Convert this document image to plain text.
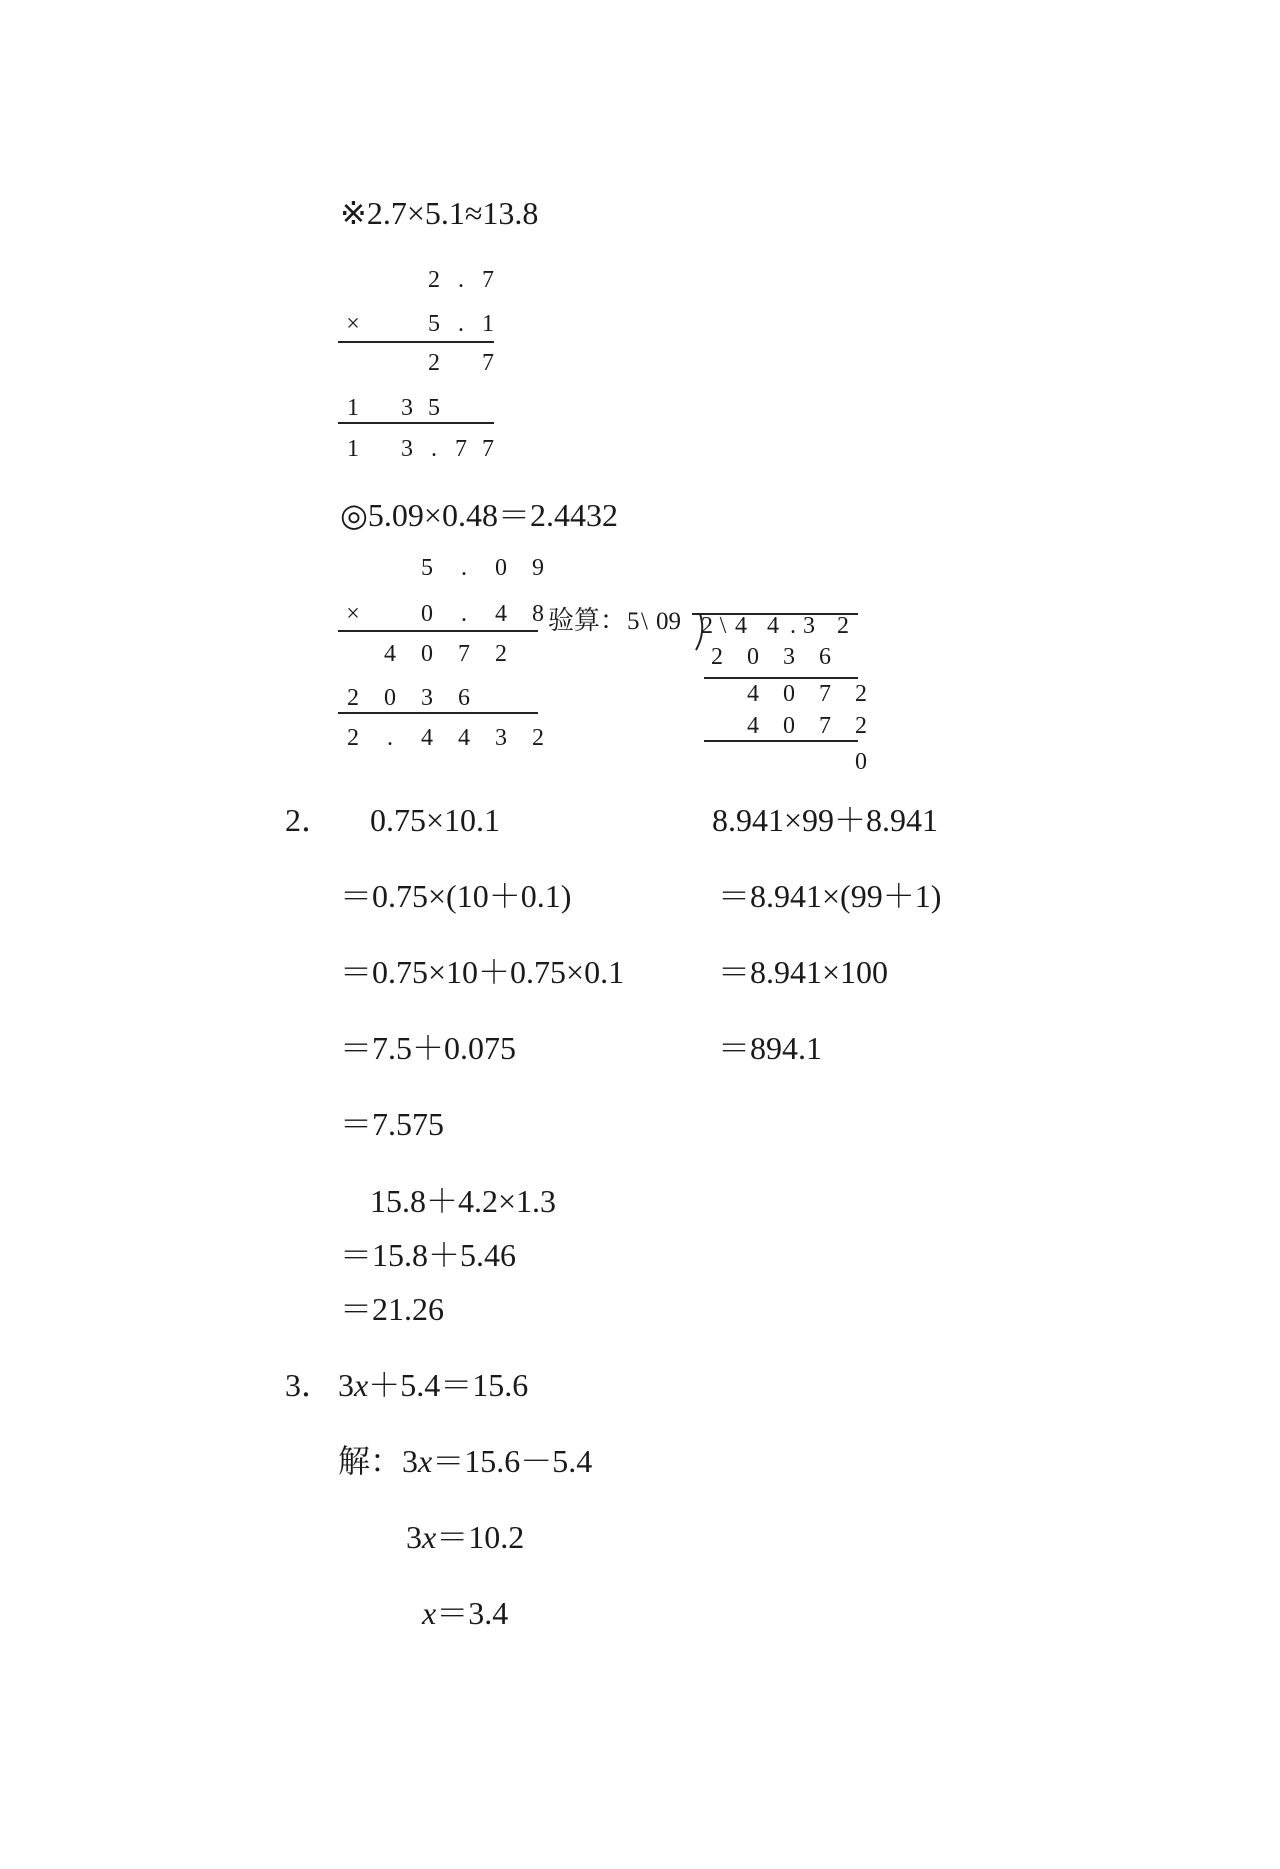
※2.7×5.1≈13.8
2 . 7
×	5 . 1
2	7
1	3 5
1	3 . 7 7
◎5.09×0.48＝2.4432
5	.	0	9
×	0	.	4	8
4	0	7	2
2	0	3	6
2	.	4	4	3	2
验算： 5 \ 09 2 \ 4 4 . 3 2
2	0	3	6
4	0	7	2
4	0	7	2
0
2． 0.75×10.1
＝0.75×(10＋0.1)
＝0.75×10＋0.75×0.1
＝7.5＋0.075
＝7.575
8.941×99＋8.941
＝8.941×(99＋1)
＝8.941×100
＝894.1
15.8＋4.2×1.3
＝15.8＋5.46
＝21.26
3． 3x＋5.4＝15.6
解：3x＝15.6－5.4
3x＝10.2
x＝3.4
